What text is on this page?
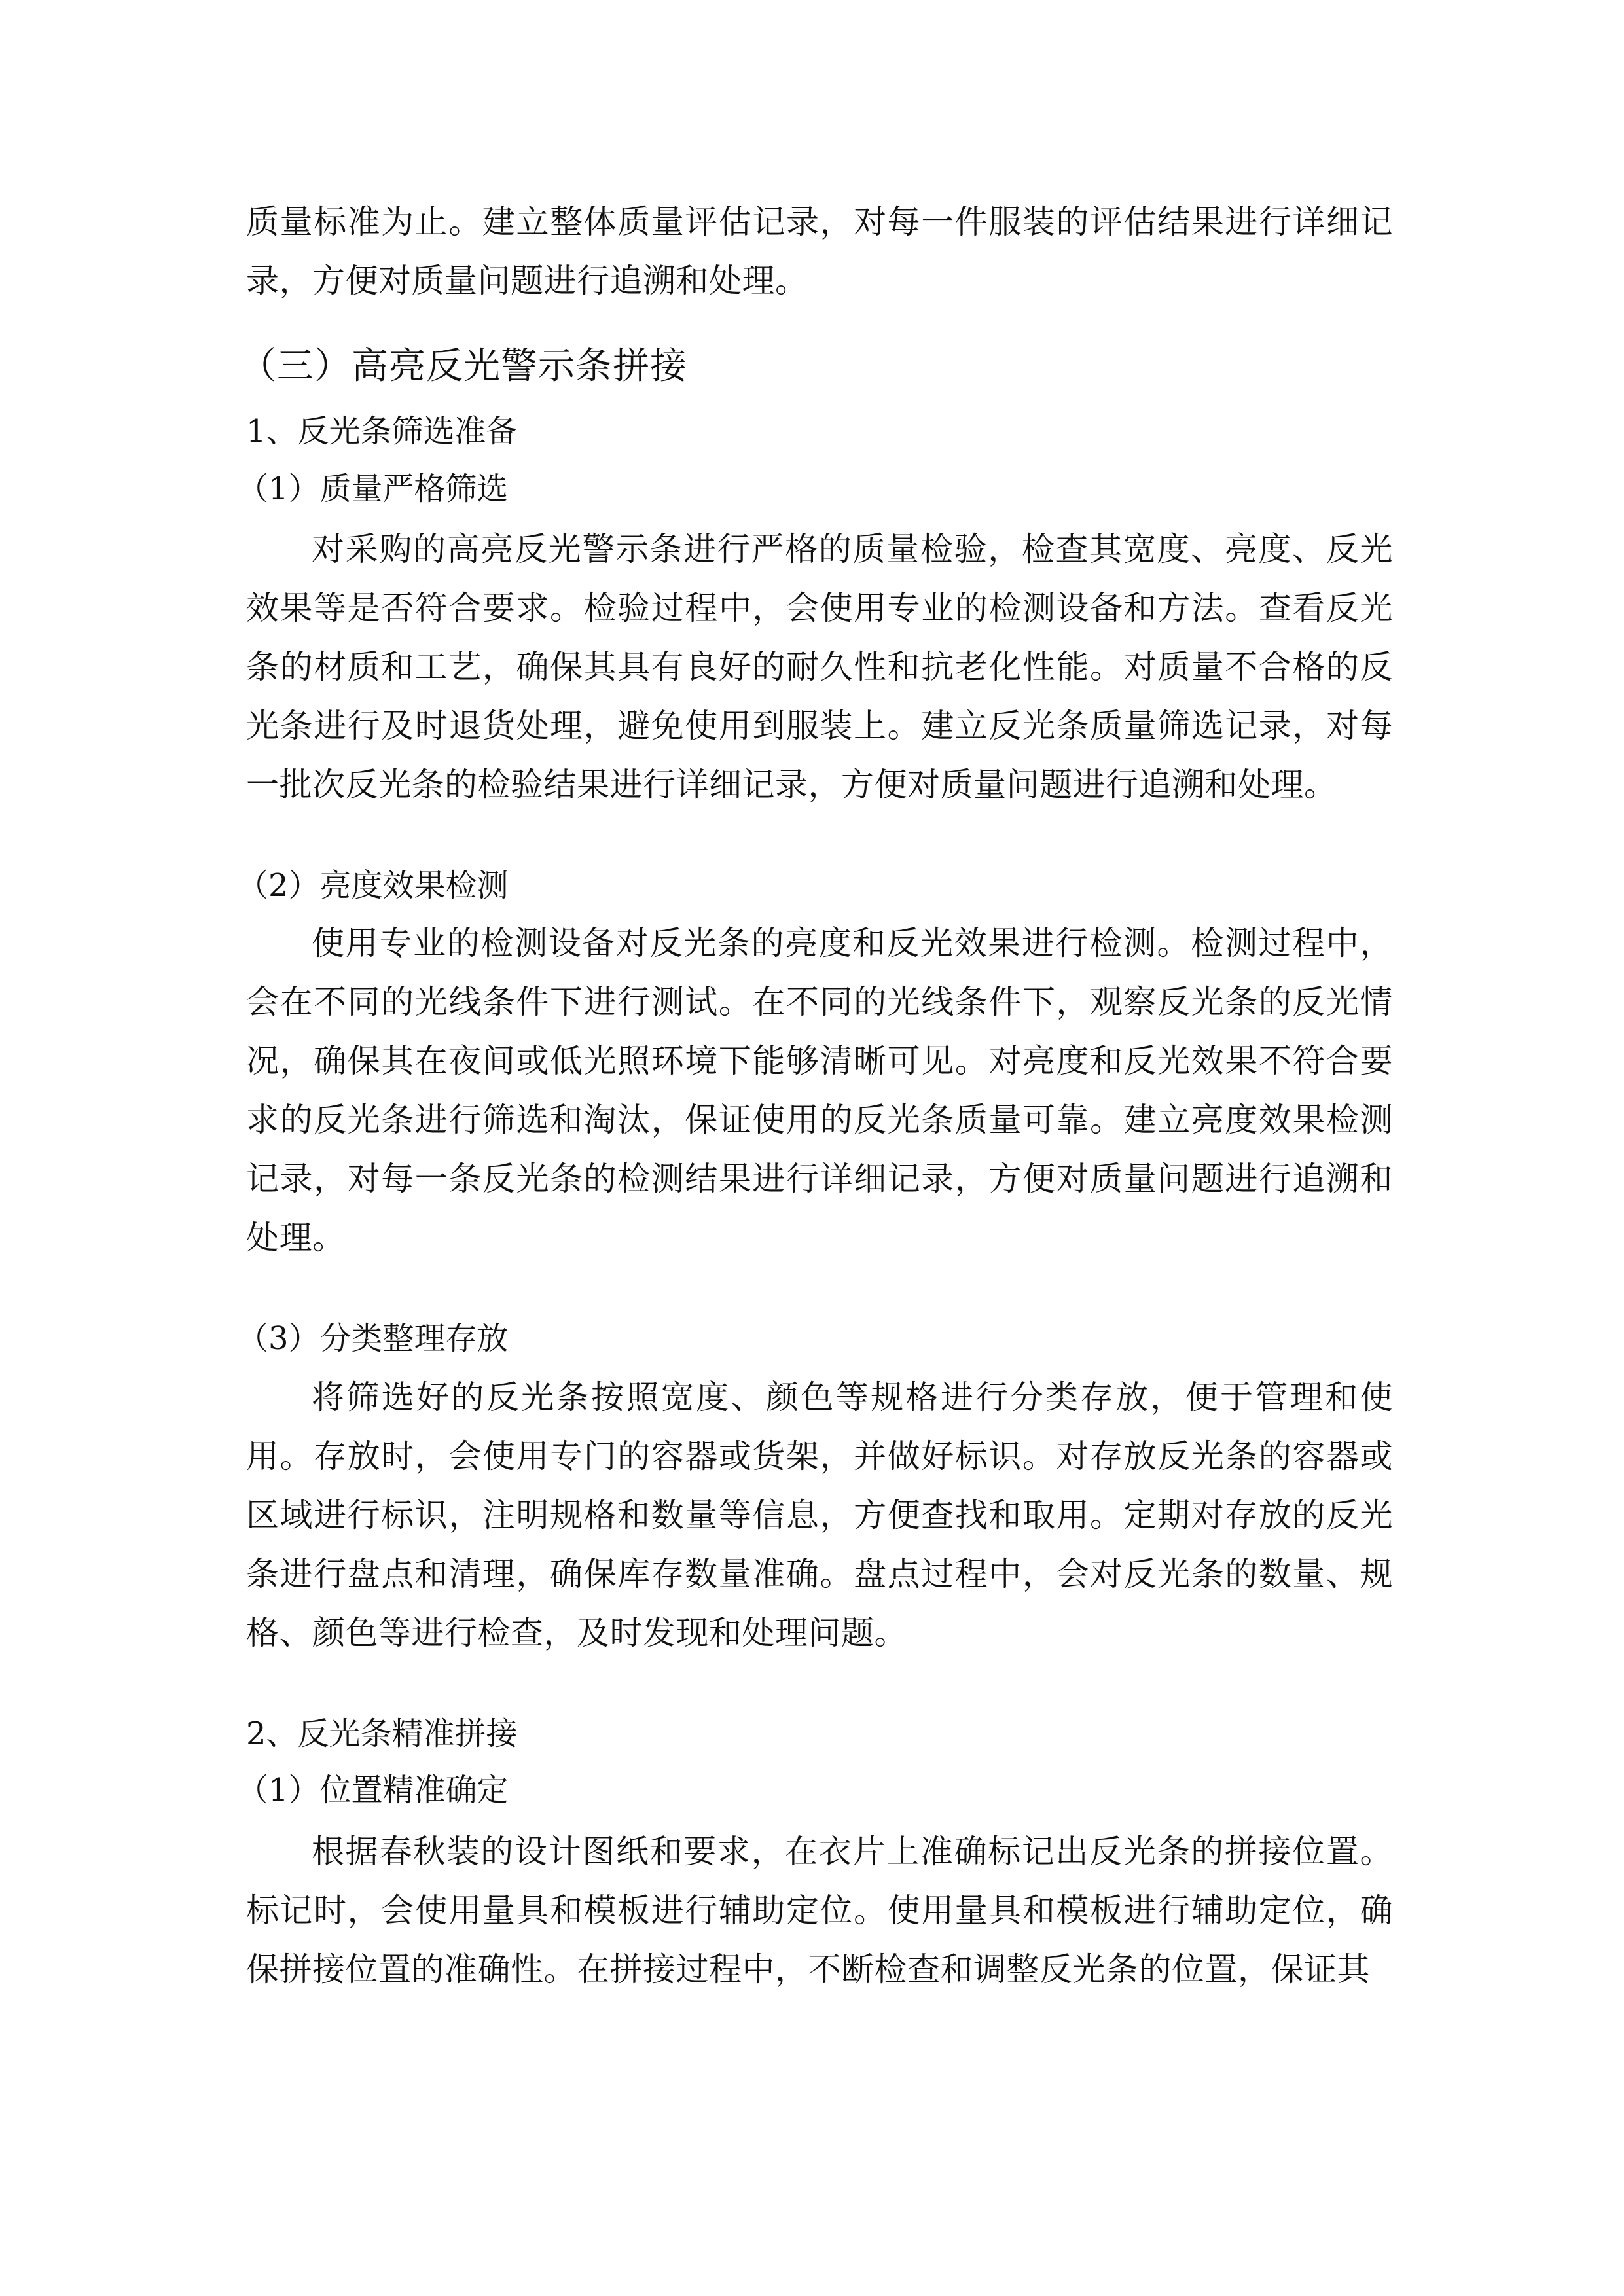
质量标准为止。建立整体质量评估记录，对每一件服装的评估结果进行详细记录，方便对质量问题进行追溯和处理。

（三）高亮反光警示条拼接
1、反光条筛选准备
（1）质量严格筛选

对采购的高亮反光警示条进行严格的质量检验，检查其宽度、亮度、反光效果等是否符合要求。检验过程中，会使用专业的检测设备和方法。查看反光条的材质和工艺，确保其具有良好的耐久性和抗老化性能。对质量不合格的反光条进行及时退货处理，避免使用到服装上。建立反光条质量筛选记录，对每一批次反光条的检验结果进行详细记录，方便对质量问题进行追溯和处理。

（2）亮度效果检测

使用专业的检测设备对反光条的亮度和反光效果进行检测。检测过程中，会在不同的光线条件下进行测试。在不同的光线条件下，观察反光条的反光情况，确保其在夜间或低光照环境下能够清晰可见。对亮度和反光效果不符合要求的反光条进行筛选和淘汰，保证使用的反光条质量可靠。建立亮度效果检测记录，对每一条反光条的检测结果进行详细记录，方便对质量问题进行追溯和处理。

（3）分类整理存放

将筛选好的反光条按照宽度、颜色等规格进行分类存放，便于管理和使用。存放时，会使用专门的容器或货架，并做好标识。对存放反光条的容器或区域进行标识，注明规格和数量等信息，方便查找和取用。定期对存放的反光条进行盘点和清理，确保库存数量准确。盘点过程中，会对反光条的数量、规格、颜色等进行检查，及时发现和处理问题。

2、反光条精准拼接
（1）位置精准确定

根据春秋装的设计图纸和要求，在衣片上准确标记出反光条的拼接位置。标记时，会使用量具和模板进行辅助定位。使用量具和模板进行辅助定位，确保拼接位置的准确性。在拼接过程中，不断检查和调整反光条的位置，保证其
